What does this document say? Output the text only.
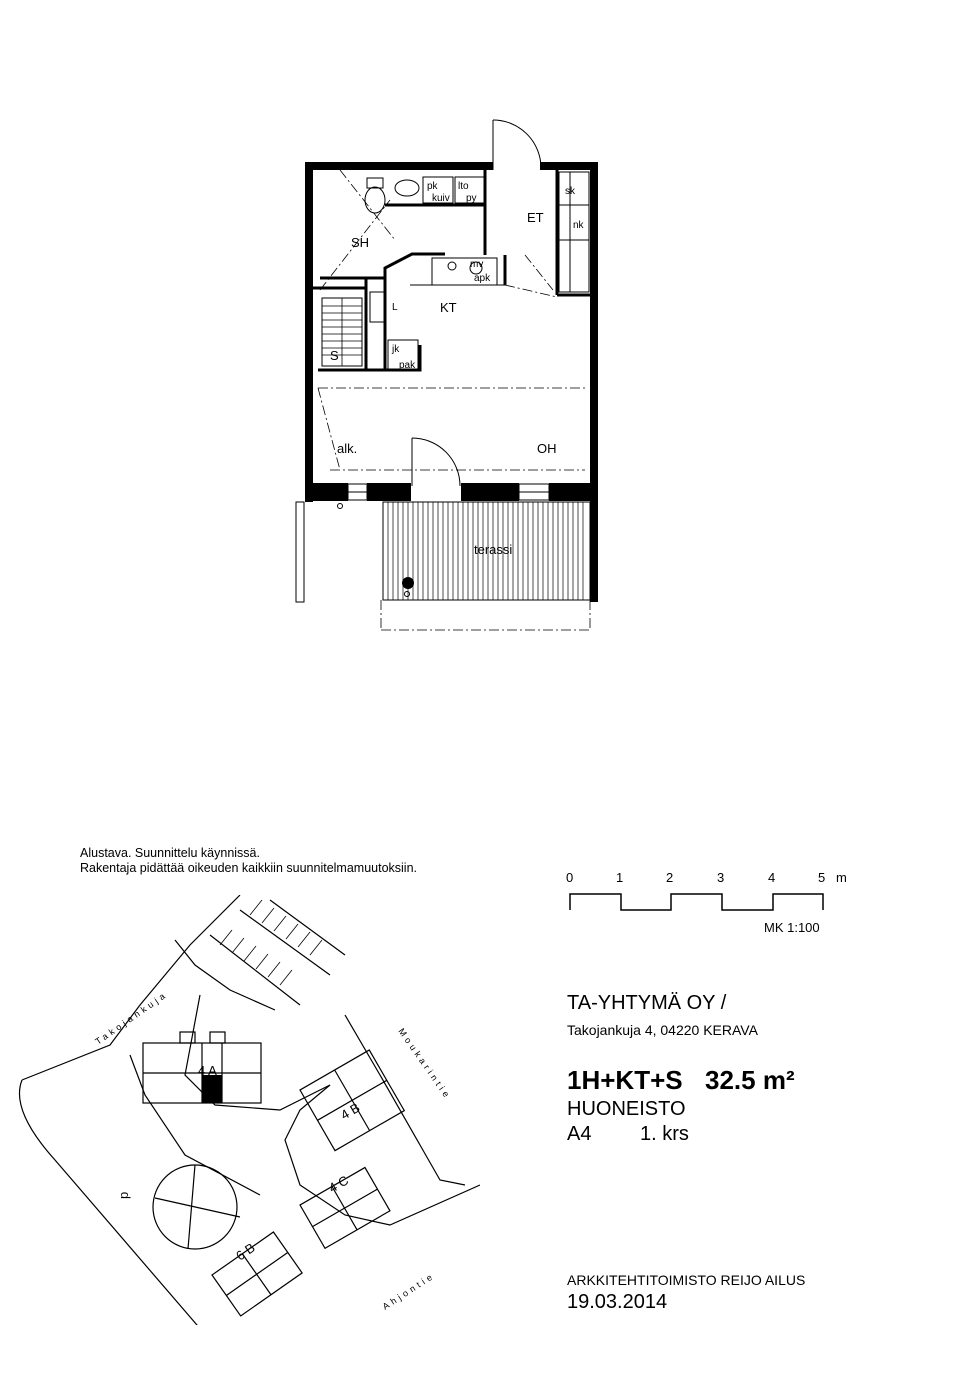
SH
KT
S
ET
OH
alk.
terassi
pk
kuiv
lto
py
sk
nk
mv
apk
L
jk
pak
Alustava. Suunnittelu käynnissä.
Rakentaja pidättää oikeuden kaikkiin suunnitelmamuutoksiin.
0	1	2	3	4	5 m
MK 1:100
4 A
4 B
4 C
6 B
p
Takojankuja
Moukarintie
Ahjontie
TA-YHTYMÄ OY /
Takojankuja 4, 04220 KERAVA
1H+KT+S 32.5 m²
HUONEISTO
A4 1. krs
ARKKITEHTITOIMISTO REIJO AILUS
19.03.2014
